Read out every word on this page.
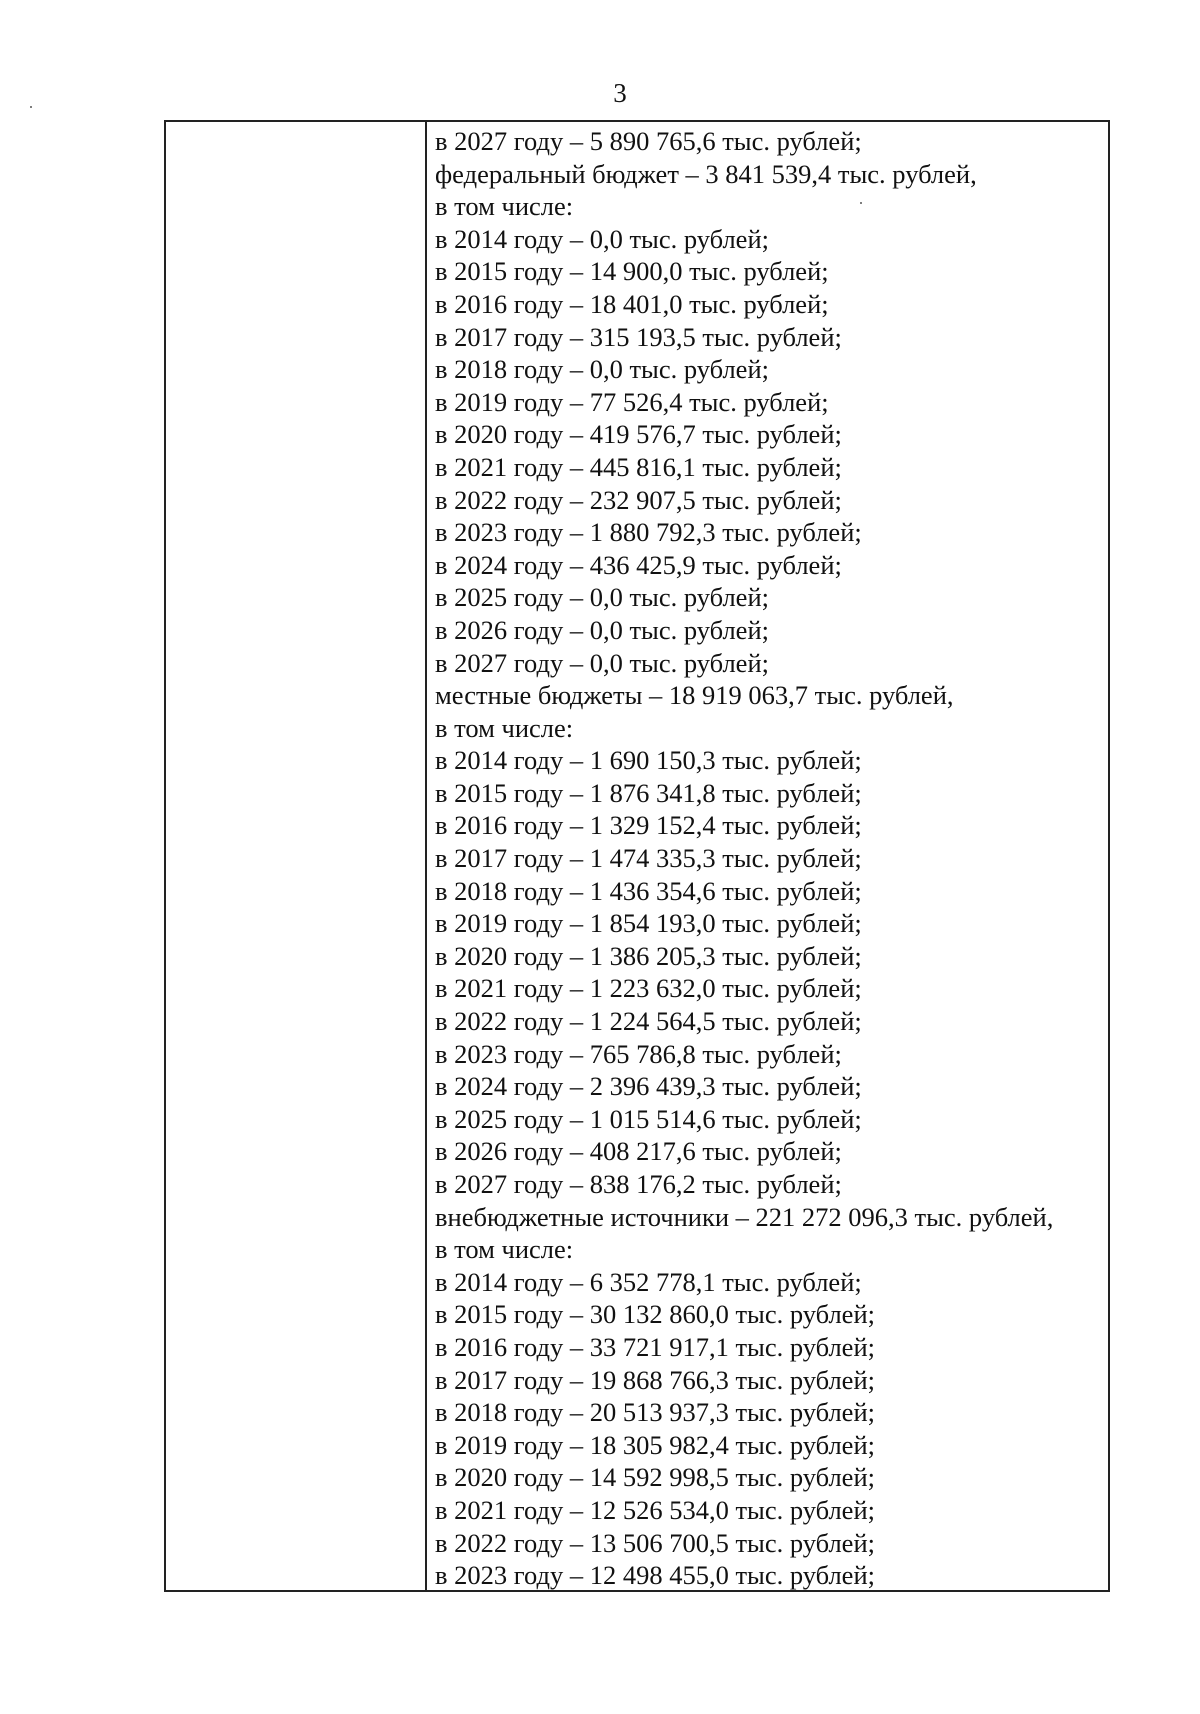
3
в 2027 году – 5 890 765,6 тыс. рублей;
федеральный бюджет – 3 841 539,4 тыс. рублей,
в том числе:
в 2014 году – 0,0 тыс. рублей;
в 2015 году – 14 900,0 тыс. рублей;
в 2016 году – 18 401,0 тыс. рублей;
в 2017 году – 315 193,5 тыс. рублей;
в 2018 году – 0,0 тыс. рублей;
в 2019 году – 77 526,4 тыс. рублей;
в 2020 году – 419 576,7 тыс. рублей;
в 2021 году – 445 816,1 тыс. рублей;
в 2022 году – 232 907,5 тыс. рублей;
в 2023 году – 1 880 792,3 тыс. рублей;
в 2024 году – 436 425,9 тыс. рублей;
в 2025 году – 0,0 тыс. рублей;
в 2026 году – 0,0 тыс. рублей;
в 2027 году – 0,0 тыс. рублей;
местные бюджеты – 18 919 063,7 тыс. рублей,
в том числе:
в 2014 году – 1 690 150,3 тыс. рублей;
в 2015 году – 1 876 341,8 тыс. рублей;
в 2016 году – 1 329 152,4 тыс. рублей;
в 2017 году – 1 474 335,3 тыс. рублей;
в 2018 году – 1 436 354,6 тыс. рублей;
в 2019 году – 1 854 193,0 тыс. рублей;
в 2020 году – 1 386 205,3 тыс. рублей;
в 2021 году – 1 223 632,0 тыс. рублей;
в 2022 году – 1 224 564,5 тыс. рублей;
в 2023 году – 765 786,8 тыс. рублей;
в 2024 году – 2 396 439,3 тыс. рублей;
в 2025 году – 1 015 514,6 тыс. рублей;
в 2026 году – 408 217,6 тыс. рублей;
в 2027 году – 838 176,2 тыс. рублей;
внебюджетные источники – 221 272 096,3 тыс. рублей,
в том числе:
в 2014 году – 6 352 778,1 тыс. рублей;
в 2015 году – 30 132 860,0 тыс. рублей;
в 2016 году – 33 721 917,1 тыс. рублей;
в 2017 году – 19 868 766,3 тыс. рублей;
в 2018 году – 20 513 937,3 тыс. рублей;
в 2019 году – 18 305 982,4 тыс. рублей;
в 2020 году – 14 592 998,5 тыс. рублей;
в 2021 году – 12 526 534,0 тыс. рублей;
в 2022 году – 13 506 700,5 тыс. рублей;
в 2023 году – 12 498 455,0 тыс. рублей;
